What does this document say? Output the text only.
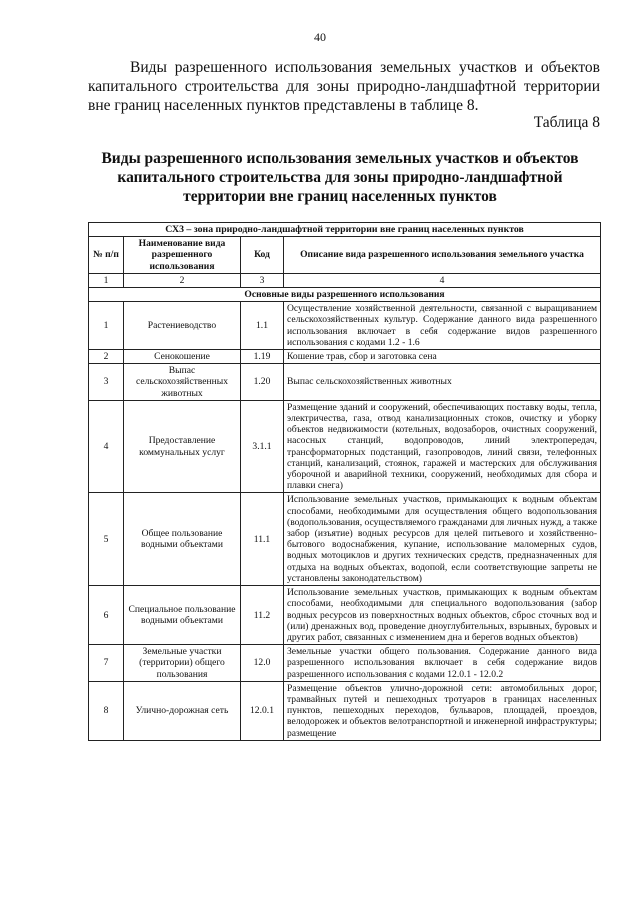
40
Виды разрешенного использования земельных участков и объектов капитального строительства для зоны природно-ландшафтной территории вне границ населенных пунктов представлены в таблице 8.
Таблица 8
Виды разрешенного использования земельных участков и объектов капитального строительства для зоны природно-ландшафтной территории вне границ населенных пунктов
СХ3 – зона природно-ландшафтной территории вне границ населенных пунктов			
№ п/п	Наименование вида разрешенного использования	Код	Описание вида разрешенного использования земельного участка
1	2	3	4
Основные виды разрешенного использования			
1	Растениеводство	1.1	Осуществление хозяйственной деятельности, связанной с выращиванием сельскохозяйственных культур. Содержание данного вида разрешенного использования включает в себя содержание видов разрешенного использования с кодами 1.2 - 1.6
2	Сенокошение	1.19	Кошение трав, сбор и заготовка сена
3	Выпас сельскохозяйственных животных	1.20	Выпас сельскохозяйственных животных
4	Предоставление коммунальных услуг	3.1.1	Размещение зданий и сооружений, обеспечивающих поставку воды, тепла, электричества, газа, отвод канализационных стоков, очистку и уборку объектов недвижимости (котельных, водозаборов, очистных сооружений, насосных станций, водопроводов, линий электропередач, трансформаторных подстанций, газопроводов, линий связи, телефонных станций, канализаций, стоянок, гаражей и мастерских для обслуживания уборочной и аварийной техники, сооружений, необходимых для сбора и плавки снега)
5	Общее пользование водными объектами	11.1	Использование земельных участков, примыкающих к водным объектам способами, необходимыми для осуществления общего водопользования (водопользования, осуществляемого гражданами для личных нужд, а также забор (изъятие) водных ресурсов для целей питьевого и хозяйственно-бытового водоснабжения, купание, использование маломерных судов, водных мотоциклов и других технических средств, предназначенных для отдыха на водных объектах, водопой, если соответствующие запреты не установлены законодательством)
6	Специальное пользование водными объектами	11.2	Использование земельных участков, примыкающих к водным объектам способами, необходимыми для специального водопользования (забор водных ресурсов из поверхностных водных объектов, сброс сточных вод и (или) дренажных вод, проведение дноуглубительных, взрывных, буровых и других работ, связанных с изменением дна и берегов водных объектов)
7	Земельные участки (территории) общего пользования	12.0	Земельные участки общего пользования. Содержание данного вида разрешенного использования включает в себя содержание видов разрешенного использования с кодами 12.0.1 - 12.0.2
8	Улично-дорожная сеть	12.0.1	Размещение объектов улично-дорожной сети: автомобильных дорог, трамвайных путей и пешеходных тротуаров в границах населенных пунктов, пешеходных переходов, бульваров, площадей, проездов, велодорожек и объектов велотранспортной и инженерной инфраструктуры; размещение
